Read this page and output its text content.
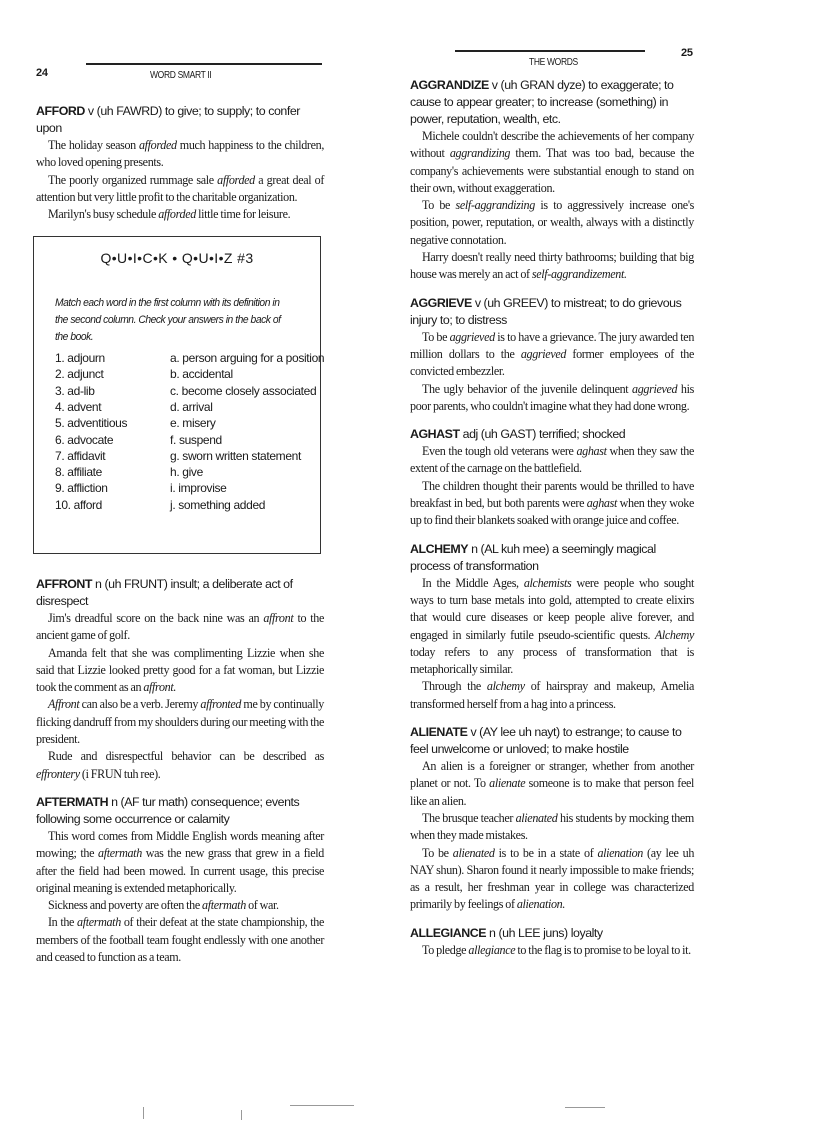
24	WORD SMART II
THE WORDS
25
AFFORD v (uh FAWRD) to give; to supply; to confer upon

The holiday season afforded much happiness to the children, who loved opening presents.

The poorly organized rummage sale afforded a great deal of attention but very little profit to the charitable organization.

Marilyn's busy schedule afforded little time for leisure.

Q•U•I•C•K • Q•U•I•Z #3
Match each word in the first column with its definition in the second column. Check your answers in the back of the book.
1. adjourn	a. person arguing for a position
2. adjunct	b. accidental
3. ad-lib	c. become closely associated
4. advent	d. arrival
5. adventitious	e. misery
6. advocate	f. suspend
7. affidavit	g. sworn written statement
8. affiliate	h. give
9. affliction	i. improvise
10. afford	j. something added
AFFRONT n (uh FRUNT) insult; a deliberate act of disrespect

Jim's dreadful score on the back nine was an affront to the ancient game of golf.

Amanda felt that she was complimenting Lizzie when she said that Lizzie looked pretty good for a fat woman, but Lizzie took the comment as an affront.

Affront can also be a verb. Jeremy affronted me by continually flicking dandruff from my shoulders during our meeting with the president.

Rude and disrespectful behavior can be described as effrontery (i FRUN tuh ree).

AFTERMATH n (AF tur math) consequence; events following some occurrence or calamity

This word comes from Middle English words meaning after mowing; the aftermath was the new grass that grew in a field after the field had been mowed. In current usage, this precise original meaning is extended metaphorically.

Sickness and poverty are often the aftermath of war.

In the aftermath of their defeat at the state championship, the members of the football team fought endlessly with one another and ceased to function as a team.

AGGRANDIZE v (uh GRAN dyze) to exaggerate; to cause to appear greater; to increase (something) in power, reputation, wealth, etc.

Michele couldn't describe the achievements of her company without aggrandizing them. That was too bad, because the company's achievements were substantial enough to stand on their own, without exaggeration.

To be self-aggrandizing is to aggressively increase one's position, power, reputation, or wealth, always with a distinctly negative connotation.

Harry doesn't really need thirty bathrooms; building that big house was merely an act of self-aggrandizement.

AGGRIEVE v (uh GREEV) to mistreat; to do grievous injury to; to distress

To be aggrieved is to have a grievance. The jury awarded ten million dollars to the aggrieved former employees of the convicted embezzler.

The ugly behavior of the juvenile delinquent aggrieved his poor parents, who couldn't imagine what they had done wrong.

AGHAST adj (uh GAST) terrified; shocked

Even the tough old veterans were aghast when they saw the extent of the carnage on the battlefield.

The children thought their parents would be thrilled to have breakfast in bed, but both parents were aghast when they woke up to find their blankets soaked with orange juice and coffee.

ALCHEMY n (AL kuh mee) a seemingly magical process of transformation

In the Middle Ages, alchemists were people who sought ways to turn base metals into gold, attempted to create elixirs that would cure diseases or keep people alive forever, and engaged in similarly futile pseudo-scientific quests. Alchemy today refers to any process of transformation that is metaphorically similar.

Through the alchemy of hairspray and makeup, Amelia transformed herself from a hag into a princess.

ALIENATE v (AY lee uh nayt) to estrange; to cause to feel unwelcome or unloved; to make hostile

An alien is a foreigner or stranger, whether from another planet or not. To alienate someone is to make that person feel like an alien.

The brusque teacher alienated his students by mocking them when they made mistakes.

To be alienated is to be in a state of alienation (ay lee uh NAY shun). Sharon found it nearly impossible to make friends; as a result, her freshman year in college was characterized primarily by feelings of alienation.

ALLEGIANCE n (uh LEE juns) loyalty

To pledge allegiance to the flag is to promise to be loyal to it.
